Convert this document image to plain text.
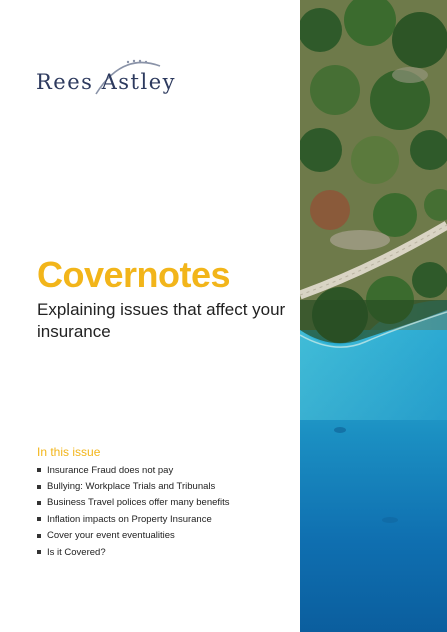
Rees Astley
Covernotes

Explaining issues that affect your insurance

In this issue
Insurance Fraud does not pay
Bullying: Workplace Trials and Tribunals
Business Travel polices offer many benefits
Inflation impacts on Property Insurance
Cover your event eventualities
Is it Covered?
